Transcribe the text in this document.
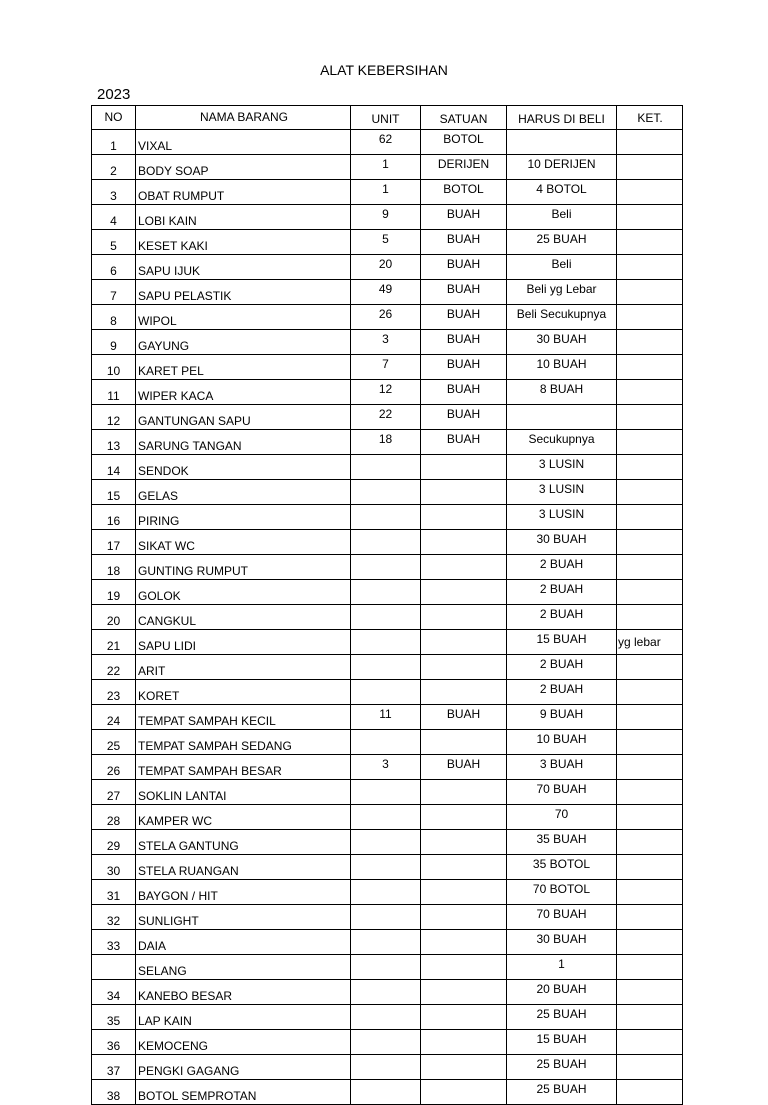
ALAT KEBERSIHAN
2023
NO	NAMA BARANG	UNIT	SATUAN	HARUS DI BELI	KET.
1	VIXAL	62	BOTOL		
2	BODY SOAP	1	DERIJEN	10 DERIJEN	
3	OBAT RUMPUT	1	BOTOL	4 BOTOL	
4	LOBI KAIN	9	BUAH	Beli	
5	KESET KAKI	5	BUAH	25 BUAH	
6	SAPU IJUK	20	BUAH	Beli	
7	SAPU PELASTIK	49	BUAH	Beli yg Lebar	
8	WIPOL	26	BUAH	Beli Secukupnya	
9	GAYUNG	3	BUAH	30 BUAH	
10	KARET PEL	7	BUAH	10 BUAH	
11	WIPER KACA	12	BUAH	8 BUAH	
12	GANTUNGAN SAPU	22	BUAH		
13	SARUNG TANGAN	18	BUAH	Secukupnya	
14	SENDOK			3 LUSIN	
15	GELAS			3 LUSIN	
16	PIRING			3 LUSIN	
17	SIKAT WC			30 BUAH	
18	GUNTING RUMPUT			2 BUAH	
19	GOLOK			2 BUAH	
20	CANGKUL			2 BUAH	
21	SAPU LIDI			15 BUAH	yg lebar
22	ARIT			2 BUAH	
23	KORET			2 BUAH	
24	TEMPAT SAMPAH KECIL	11	BUAH	9 BUAH	
25	TEMPAT SAMPAH SEDANG			10 BUAH	
26	TEMPAT SAMPAH BESAR	3	BUAH	3 BUAH	
27	SOKLIN LANTAI			70 BUAH	
28	KAMPER WC			70	
29	STELA GANTUNG			35 BUAH	
30	STELA RUANGAN			35 BOTOL	
31	BAYGON / HIT			70 BOTOL	
32	SUNLIGHT			70 BUAH	
33	DAIA			30 BUAH	
	SELANG			1	
34	KANEBO BESAR			20 BUAH	
35	LAP KAIN			25 BUAH	
36	KEMOCENG			15 BUAH	
37	PENGKI GAGANG			25 BUAH	
38	BOTOL SEMPROTAN			25 BUAH	
